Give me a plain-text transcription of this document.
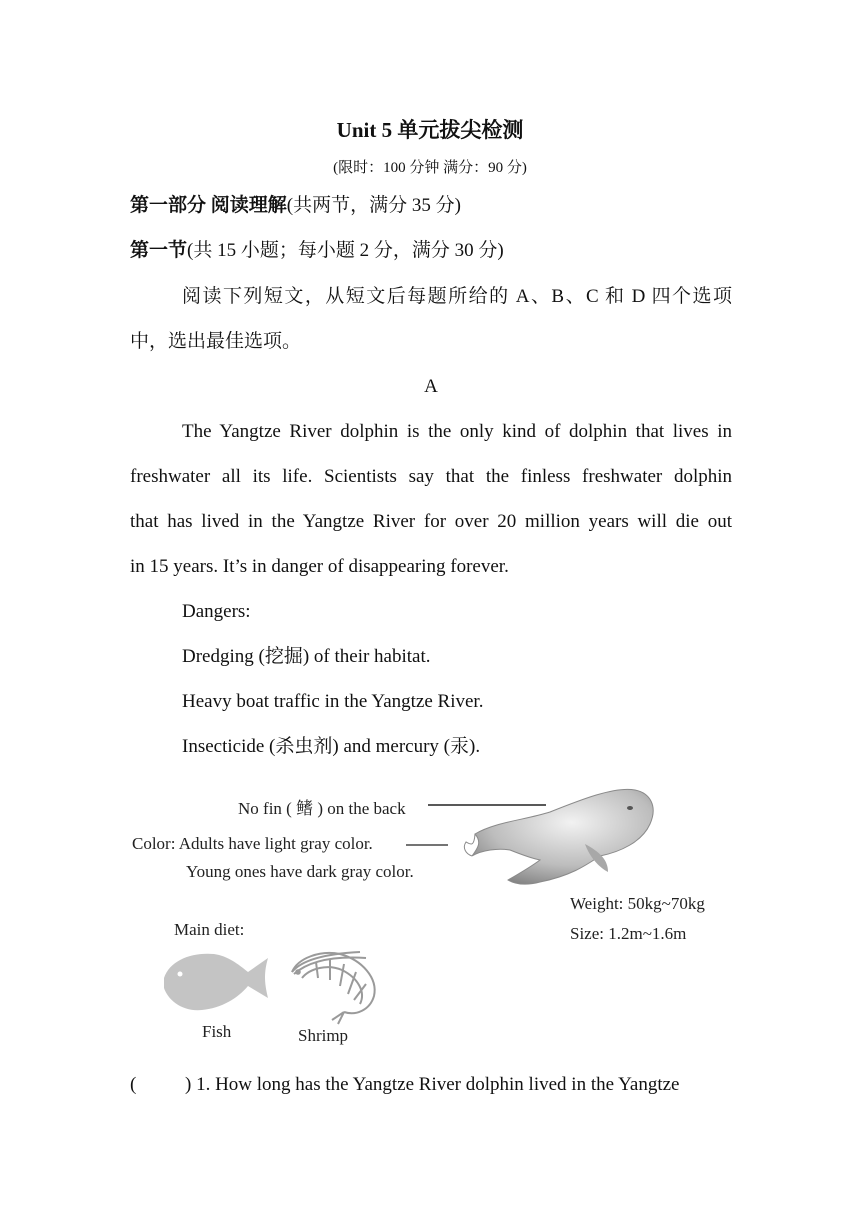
Unit 5 单元拔尖检测
(限时：100 分钟 满分：90 分)
第一部分 阅读理解(共两节，满分 35 分)
第一节(共 15 小题；每小题 2 分，满分 30 分)
阅读下列短文，从短文后每题所给的 A、B、C 和 D 四个选项
中，选出最佳选项。
A
The Yangtze River dolphin is the only kind of dolphin that lives in
freshwater all its life. Scientists say that the finless freshwater dolphin
that has lived in the Yangtze River for over 20 million years will die out
in 15 years. It’s in danger of disappearing forever.
Dangers:
Dredging (挖掘) of their habitat.
Heavy boat traffic in the Yangtze River.
Insecticide (杀虫剂) and mercury (汞).
No fin ( 鳍 ) on the back
Color: Adults have light gray color.
Young ones have dark gray color.
Weight: 50kg~70kg
Size: 1.2m~1.6m
Main diet:
Fish	Shrimp
(	) 1. How long has the Yangtze River dolphin lived in the Yangtze
